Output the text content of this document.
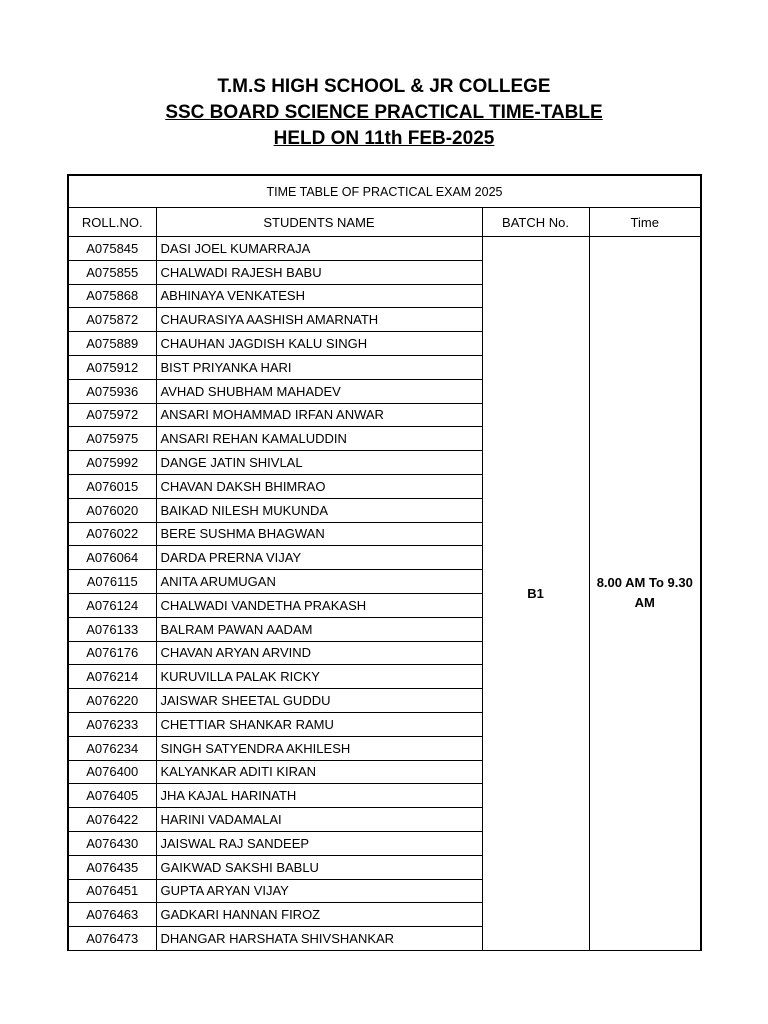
T.M.S HIGH SCHOOL & JR COLLEGE
SSC BOARD SCIENCE PRACTICAL TIME-TABLE
HELD ON 11th FEB-2025
TIME TABLE OF PRACTICAL EXAM 2025			
ROLL.NO.	STUDENTS NAME	BATCH No.	Time
A075845	DASI JOEL KUMARRAJA	B1	8.00 AM To 9.30 AM
A075855	CHALWADI RAJESH BABU		
A075868	ABHINAYA VENKATESH		
A075872	CHAURASIYA AASHISH AMARNATH		
A075889	CHAUHAN JAGDISH KALU SINGH		
A075912	BIST PRIYANKA HARI		
A075936	AVHAD SHUBHAM MAHADEV		
A075972	ANSARI MOHAMMAD IRFAN ANWAR		
A075975	ANSARI REHAN KAMALUDDIN		
A075992	DANGE JATIN SHIVLAL		
A076015	CHAVAN DAKSH BHIMRAO		
A076020	BAIKAD NILESH MUKUNDA		
A076022	BERE SUSHMA BHAGWAN		
A076064	DARDA PRERNA VIJAY		
A076115	ANITA ARUMUGAN		
A076124	CHALWADI VANDETHA PRAKASH		
A076133	BALRAM PAWAN AADAM		
A076176	CHAVAN ARYAN ARVIND		
A076214	KURUVILLA PALAK RICKY		
A076220	JAISWAR SHEETAL GUDDU		
A076233	CHETTIAR SHANKAR RAMU		
A076234	SINGH SATYENDRA AKHILESH		
A076400	KALYANKAR ADITI KIRAN		
A076405	JHA KAJAL HARINATH		
A076422	HARINI VADAMALAI		
A076430	JAISWAL RAJ SANDEEP		
A076435	GAIKWAD SAKSHI BABLU		
A076451	GUPTA ARYAN VIJAY		
A076463	GADKARI HANNAN FIROZ		
A076473	DHANGAR HARSHATA SHIVSHANKAR		
